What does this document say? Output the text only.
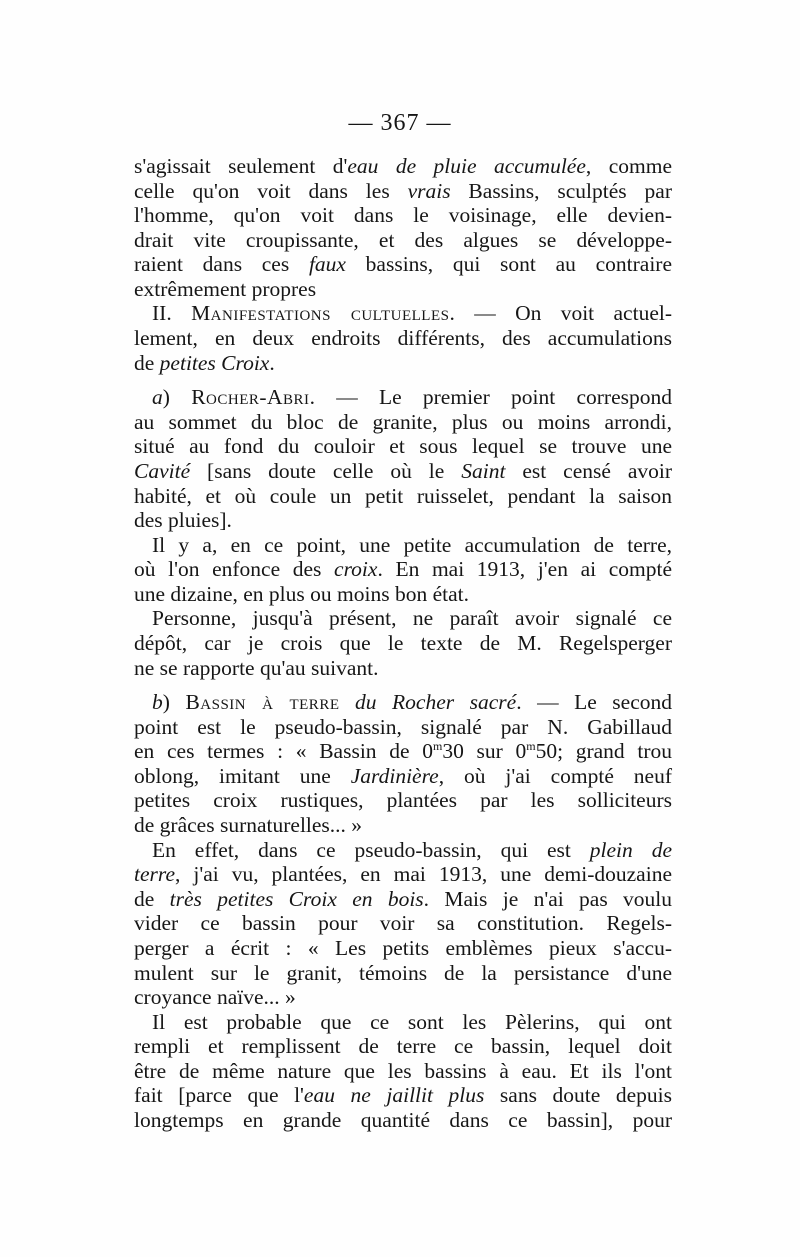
— 367 —
s'agissait seulement d'eau de pluie accumulée, comme
celle qu'on voit dans les vrais Bassins, sculptés par
l'homme, qu'on voit dans le voisinage, elle devien-
drait vite croupissante, et des algues se développe-
raient dans ces faux bassins, qui sont au contraire
extrêmement propres
II. Manifestations cultuelles. — On voit actuel-
lement, en deux endroits différents, des accumulations
de petites Croix.
a) Rocher-Abri. — Le premier point correspond
au sommet du bloc de granite, plus ou moins arrondi,
situé au fond du couloir et sous lequel se trouve une
Cavité [sans doute celle où le Saint est censé avoir
habité, et où coule un petit ruisselet, pendant la saison
des pluies].
Il y a, en ce point, une petite accumulation de terre,
où l'on enfonce des croix. En mai 1913, j'en ai compté
une dizaine, en plus ou moins bon état.
Personne, jusqu'à présent, ne paraît avoir signalé ce
dépôt, car je crois que le texte de M. Regelsperger
ne se rapporte qu'au suivant.
b) Bassin à terre du Rocher sacré. — Le second
point est le pseudo-bassin, signalé par N. Gabillaud
en ces termes : « Bassin de 0$^m$30 sur 0$^m$50; grand trou
oblong, imitant une Jardinière, où j'ai compté neuf
petites croix rustiques, plantées par les solliciteurs
de grâces surnaturelles... »
En effet, dans ce pseudo-bassin, qui est plein de
terre, j'ai vu, plantées, en mai 1913, une demi-douzaine
de très petites Croix en bois. Mais je n'ai pas voulu
vider ce bassin pour voir sa constitution. Regels-
perger a écrit : « Les petits emblèmes pieux s'accu-
mulent sur le granit, témoins de la persistance d'une
croyance naïve... »
Il est probable que ce sont les Pèlerins, qui ont
rempli et remplissent de terre ce bassin, lequel doit
être de même nature que les bassins à eau. Et ils l'ont
fait [parce que l'eau ne jaillit plus sans doute depuis
longtemps en grande quantité dans ce bassin], pour
